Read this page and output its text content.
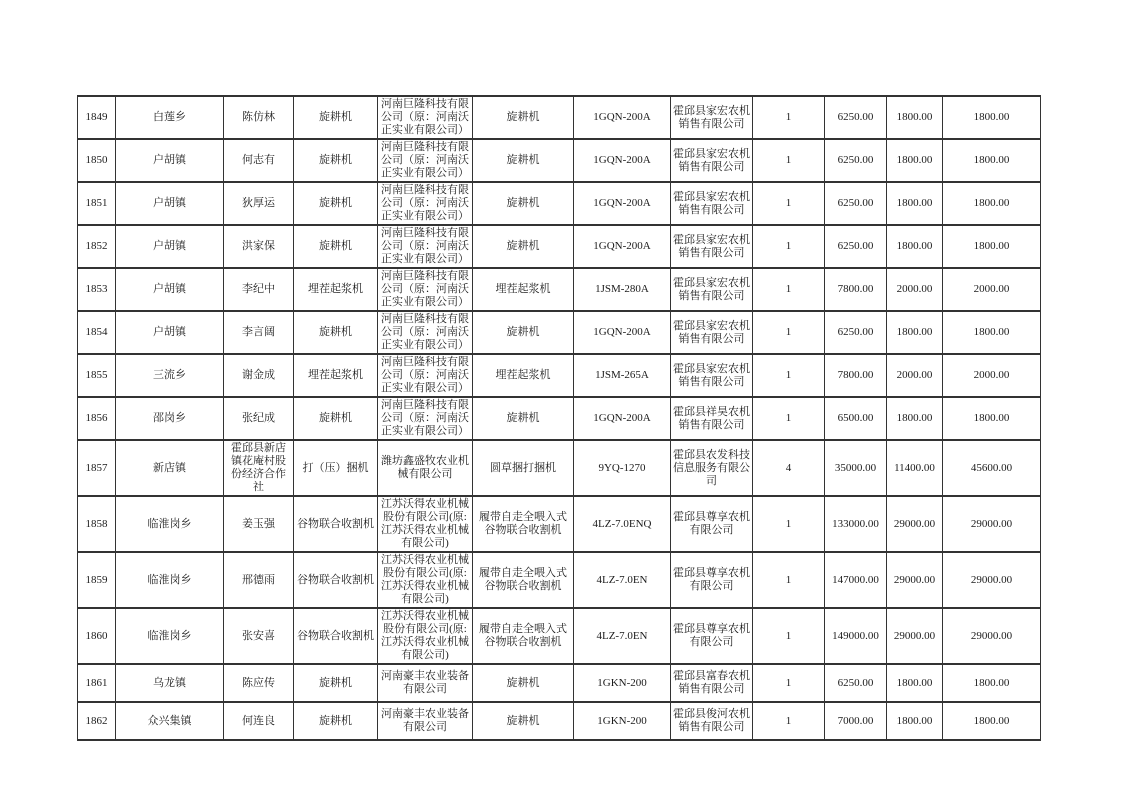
1849	白莲乡	陈仿林	旋耕机	河南巨隆科技有限公司（原：河南沃正实业有限公司）	旋耕机	1GQN-200A	霍邱县家宏农机销售有限公司	1	6250.00	1800.00	1800.00
1850	户胡镇	何志有	旋耕机	河南巨隆科技有限公司（原：河南沃正实业有限公司）	旋耕机	1GQN-200A	霍邱县家宏农机销售有限公司	1	6250.00	1800.00	1800.00
1851	户胡镇	狄厚运	旋耕机	河南巨隆科技有限公司（原：河南沃正实业有限公司）	旋耕机	1GQN-200A	霍邱县家宏农机销售有限公司	1	6250.00	1800.00	1800.00
1852	户胡镇	洪家保	旋耕机	河南巨隆科技有限公司（原：河南沃正实业有限公司）	旋耕机	1GQN-200A	霍邱县家宏农机销售有限公司	1	6250.00	1800.00	1800.00
1853	户胡镇	李纪中	埋茬起浆机	河南巨隆科技有限公司（原：河南沃正实业有限公司）	埋茬起浆机	1JSM-280A	霍邱县家宏农机销售有限公司	1	7800.00	2000.00	2000.00
1854	户胡镇	李言阔	旋耕机	河南巨隆科技有限公司（原：河南沃正实业有限公司）	旋耕机	1GQN-200A	霍邱县家宏农机销售有限公司	1	6250.00	1800.00	1800.00
1855	三流乡	谢金成	埋茬起浆机	河南巨隆科技有限公司（原：河南沃正实业有限公司）	埋茬起浆机	1JSM-265A	霍邱县家宏农机销售有限公司	1	7800.00	2000.00	2000.00
1856	邵岗乡	张纪成	旋耕机	河南巨隆科技有限公司（原：河南沃正实业有限公司）	旋耕机	1GQN-200A	霍邱县祥昊农机销售有限公司	1	6500.00	1800.00	1800.00
1857	新店镇	霍邱县新店镇花庵村股份经济合作社	打（压）捆机	潍坊鑫盛牧农业机械有限公司	圆草捆打捆机	9YQ-1270	霍邱县农发科技信息服务有限公司	4	35000.00	11400.00	45600.00
1858	临淮岗乡	姜玉强	谷物联合收割机	江苏沃得农业机械股份有限公司(原:江苏沃得农业机械有限公司)	履带自走全喂入式谷物联合收割机	4LZ-7.0ENQ	霍邱县尊享农机有限公司	1	133000.00	29000.00	29000.00
1859	临淮岗乡	邢德雨	谷物联合收割机	江苏沃得农业机械股份有限公司(原:江苏沃得农业机械有限公司)	履带自走全喂入式谷物联合收割机	4LZ-7.0EN	霍邱县尊享农机有限公司	1	147000.00	29000.00	29000.00
1860	临淮岗乡	张安喜	谷物联合收割机	江苏沃得农业机械股份有限公司(原:江苏沃得农业机械有限公司)	履带自走全喂入式谷物联合收割机	4LZ-7.0EN	霍邱县尊享农机有限公司	1	149000.00	29000.00	29000.00
1861	乌龙镇	陈应传	旋耕机	河南豪丰农业装备有限公司	旋耕机	1GKN-200	霍邱县富春农机销售有限公司	1	6250.00	1800.00	1800.00
1862	众兴集镇	何连良	旋耕机	河南豪丰农业装备有限公司	旋耕机	1GKN-200	霍邱县俊河农机销售有限公司	1	7000.00	1800.00	1800.00
